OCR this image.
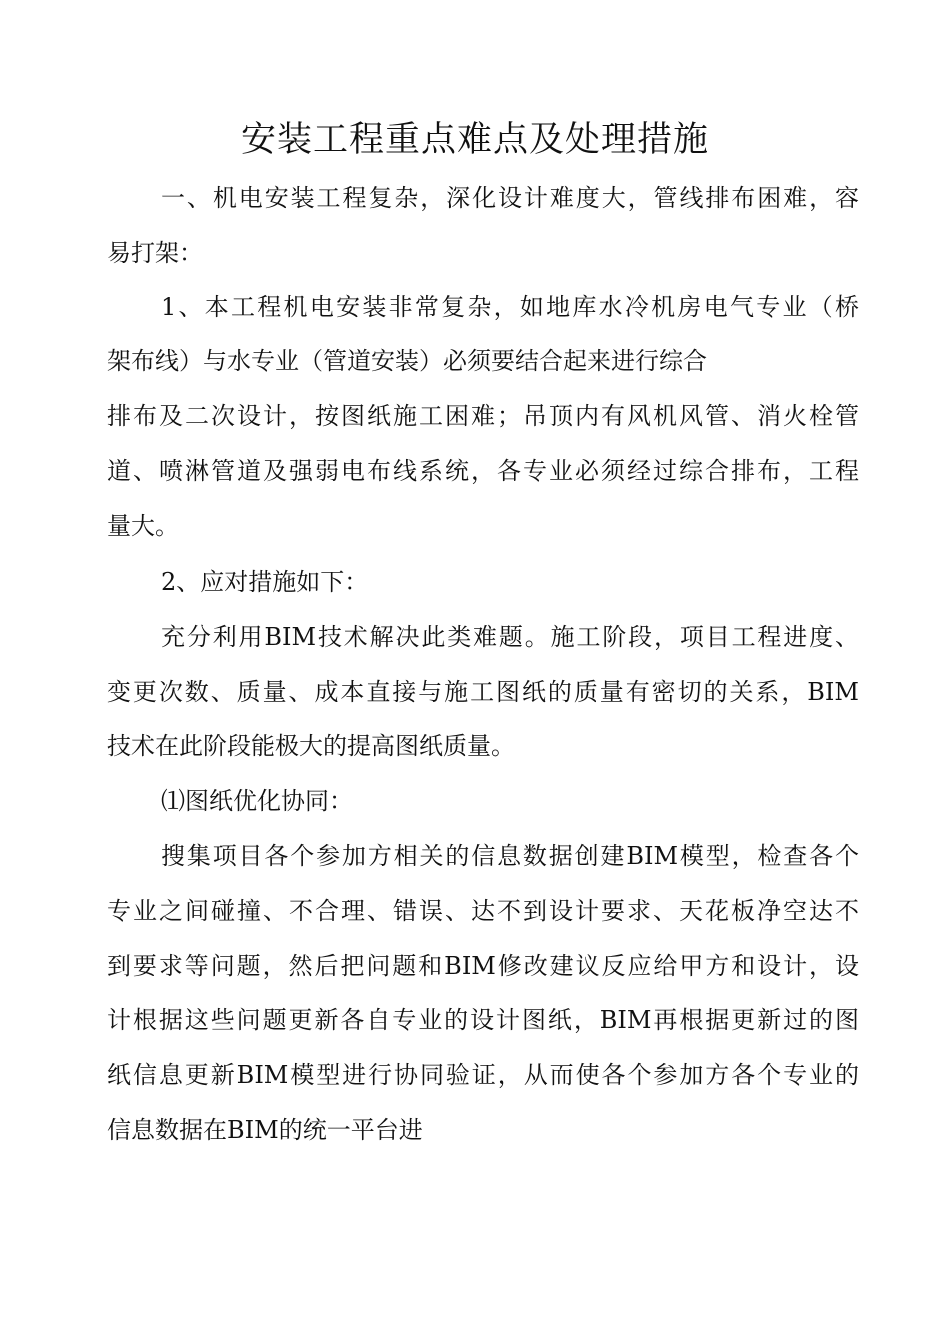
安装工程重点难点及处理措施
一、机电安装工程复杂，深化设计难度大，管线排布困难，容
易打架：
1、本工程机电安装非常复杂，如地库水冷机房电气专业（桥
架布线）与水专业（管道安装）必须要结合起来进行综合
排布及二次设计，按图纸施工困难；吊顶内有风机风管、消火栓管
道、喷淋管道及强弱电布线系统，各专业必须经过综合排布，工程
量大。
2、应对措施如下：
充分利用BIM技术解决此类难题。施工阶段，项目工程进度、
变更次数、质量、成本直接与施工图纸的质量有密切的关系，BIM
技术在此阶段能极大的提高图纸质量。
⑴图纸优化协同：
搜集项目各个参加方相关的信息数据创建BIM模型，检查各个
专业之间碰撞、不合理、错误、达不到设计要求、天花板净空达不
到要求等问题，然后把问题和BIM修改建议反应给甲方和设计，设
计根据这些问题更新各自专业的设计图纸，BIM再根据更新过的图
纸信息更新BIM模型进行协同验证，从而使各个参加方各个专业的
信息数据在BIM的统一平台进
